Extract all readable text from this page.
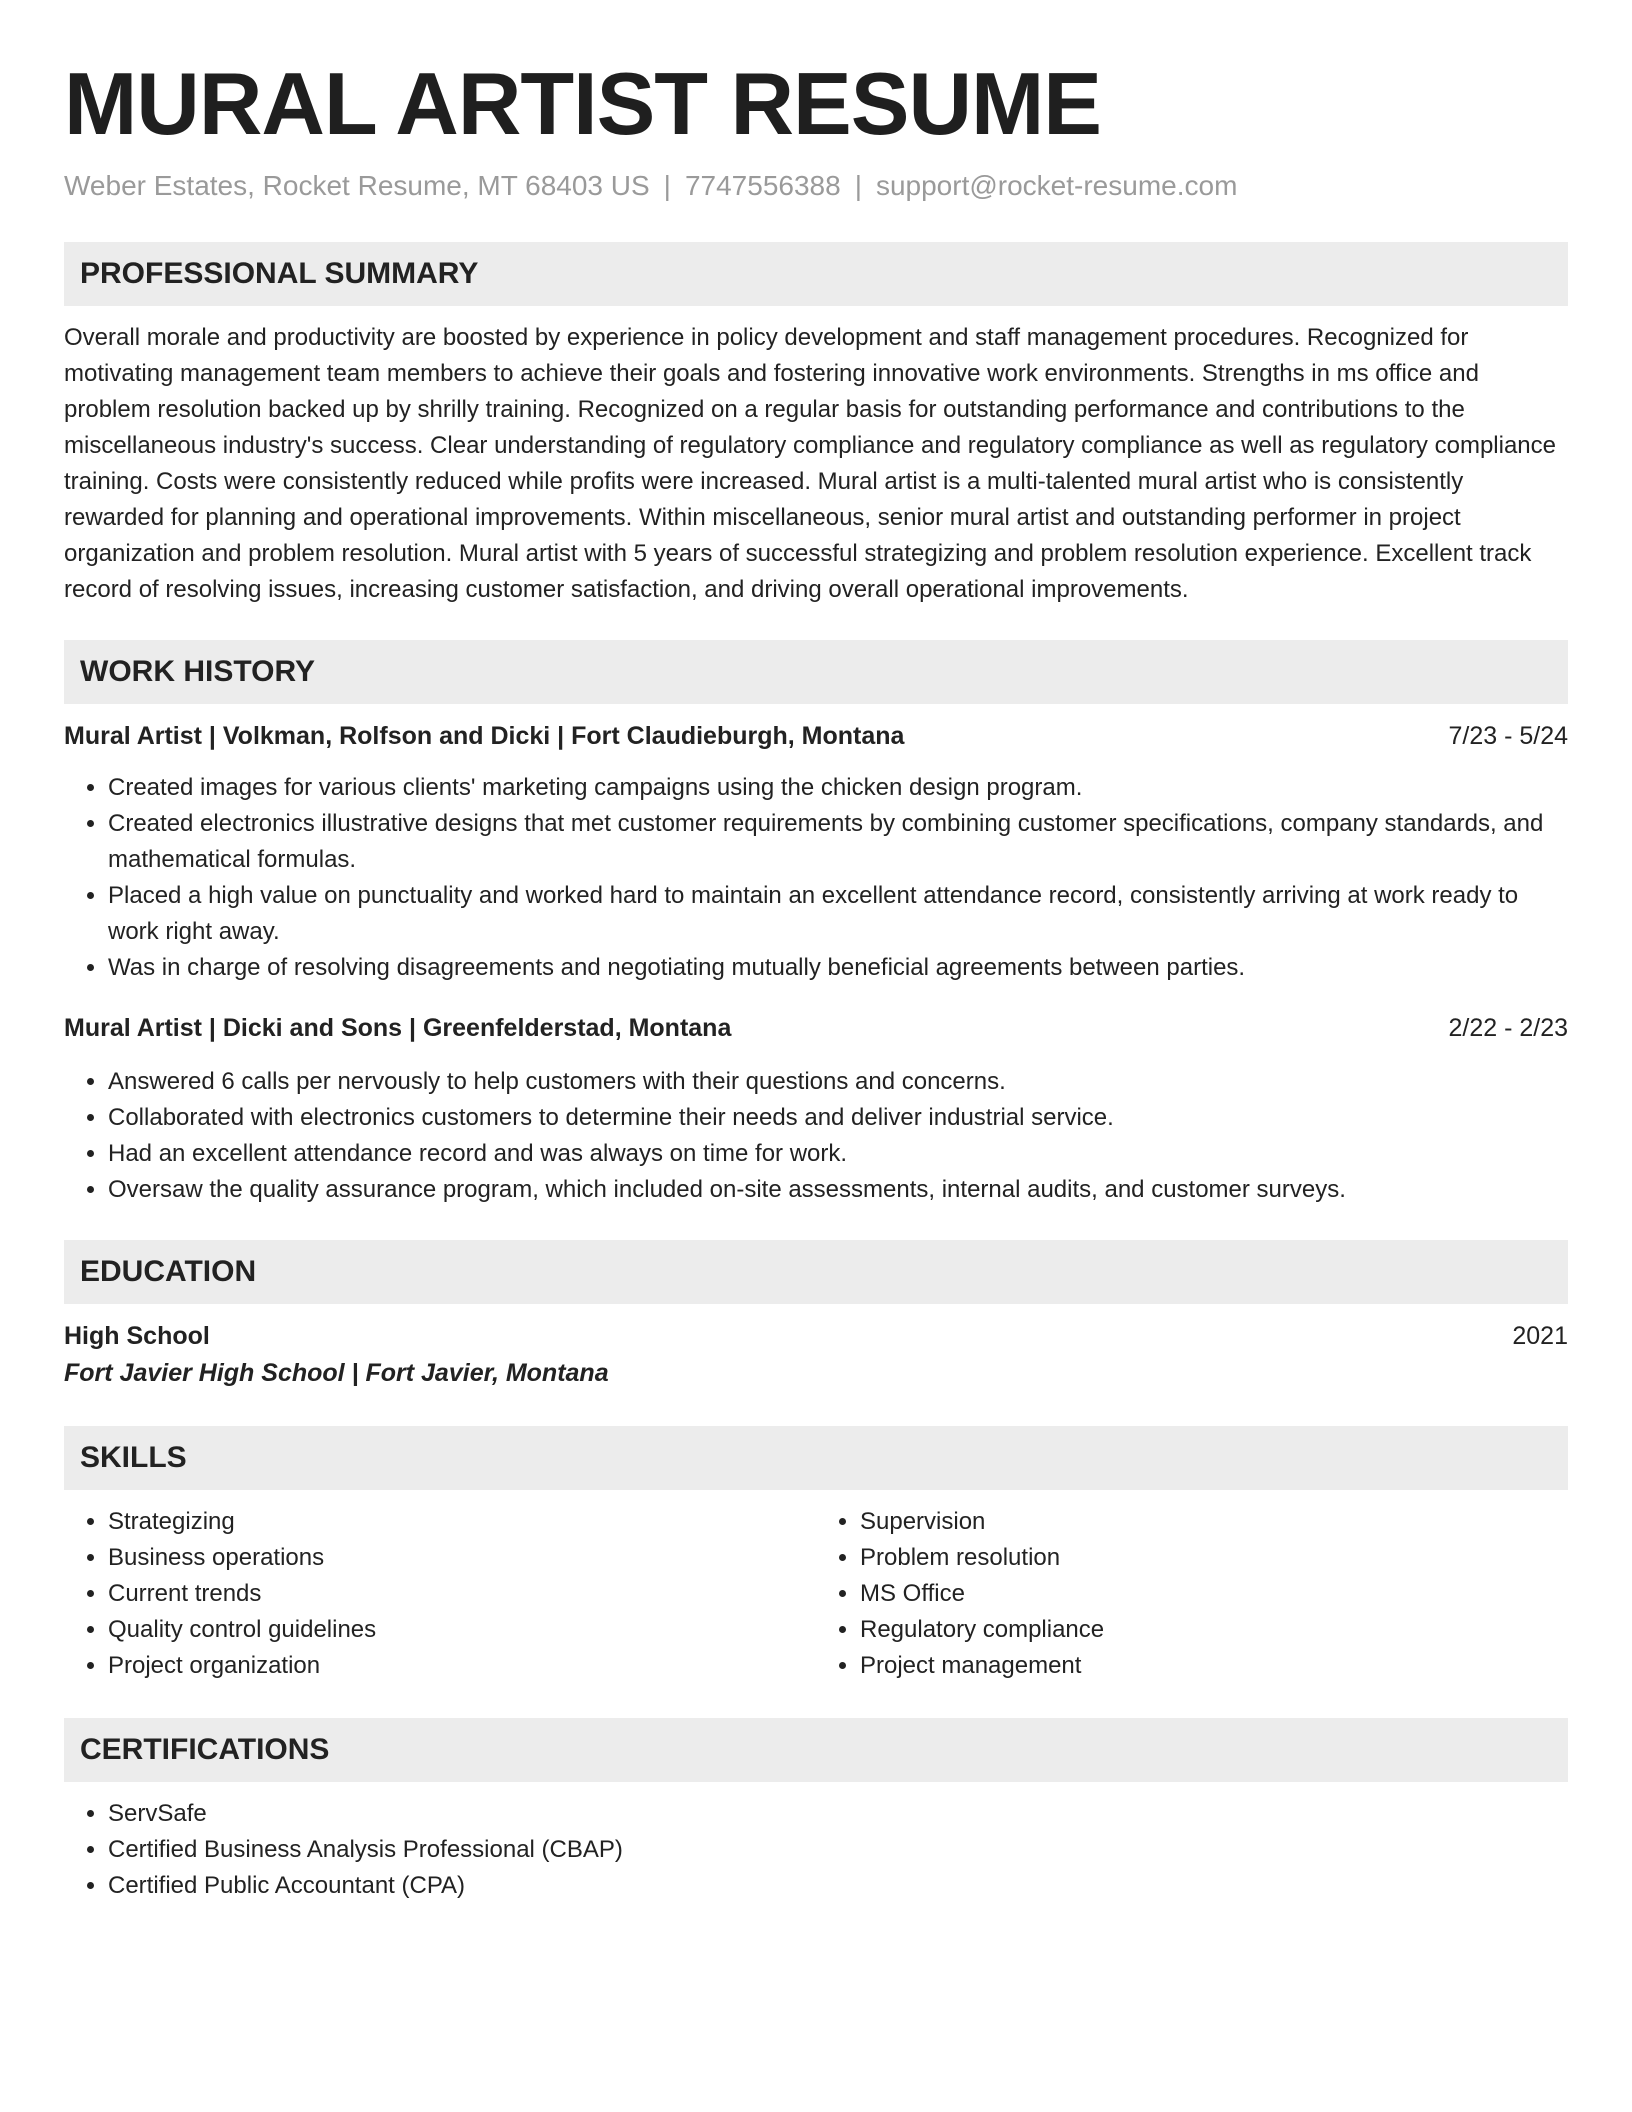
MURAL ARTIST RESUME
Weber Estates, Rocket Resume, MT 68403 US | 7747556388 | support@rocket-resume.com
PROFESSIONAL SUMMARY

Overall morale and productivity are boosted by experience in policy development and staff management procedures. Recognized for motivating management team members to achieve their goals and fostering innovative work environments. Strengths in ms office and problem resolution backed up by shrilly training. Recognized on a regular basis for outstanding performance and contributions to the miscellaneous industry's success. Clear understanding of regulatory compliance and regulatory compliance as well as regulatory compliance training. Costs were consistently reduced while profits were increased. Mural artist is a multi-talented mural artist who is consistently rewarded for planning and operational improvements. Within miscellaneous, senior mural artist and outstanding performer in project organization and problem resolution. Mural artist with 5 years of successful strategizing and problem resolution experience. Excellent track record of resolving issues, increasing customer satisfaction, and driving overall operational improvements.

WORK HISTORY
Mural Artist | Volkman, Rolfson and Dicki | Fort Claudieburgh, Montana	7/23 - 5/24
• Created images for various clients' marketing campaigns using the chicken design program.
• Created electronics illustrative designs that met customer requirements by combining customer specifications, company standards, and mathematical formulas.
• Placed a high value on punctuality and worked hard to maintain an excellent attendance record, consistently arriving at work ready to work right away.
• Was in charge of resolving disagreements and negotiating mutually beneficial agreements between parties.
Mural Artist | Dicki and Sons | Greenfelderstad, Montana	2/22 - 2/23
• Answered 6 calls per nervously to help customers with their questions and concerns.
• Collaborated with electronics customers to determine their needs and deliver industrial service.
• Had an excellent attendance record and was always on time for work.
• Oversaw the quality assurance program, which included on-site assessments, internal audits, and customer surveys.
EDUCATION
High School	2021
Fort Javier High School | Fort Javier, Montana
SKILLS
• Strategizing
• Business operations
• Current trends
• Quality control guidelines
• Project organization
• Supervision
• Problem resolution
• MS Office
• Regulatory compliance
• Project management
CERTIFICATIONS
• ServSafe
• Certified Business Analysis Professional (CBAP)
• Certified Public Accountant (CPA)
